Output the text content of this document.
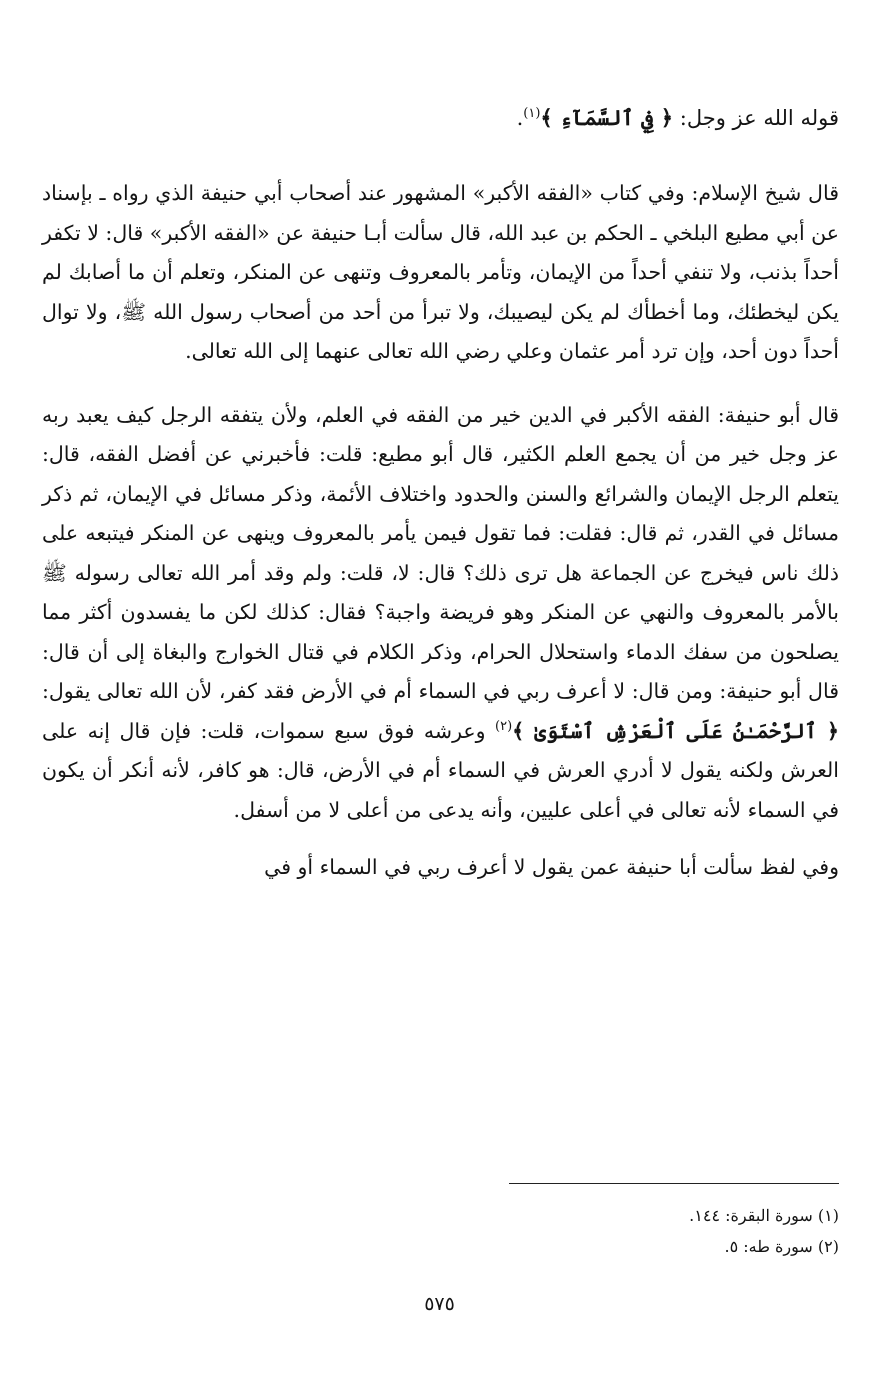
قوله الله عز وجل: ﴿ فِي ٱلسَّمَآءِ ﴾$^{(١)}$.

قال شيخ الإسلام: وفي كتاب «الفقه الأكبر» المشهور عند أصحاب أبي حنيفة الذي رواه ـ بإسناد عن أبي مطيع البلخي ـ الحكم بن عبد الله، قال سألت أبـا حنيفة عن «الفقه الأكبر» قال: لا تكفر أحداً بذنب، ولا تنفي أحداً من الإيمان، وتأمر بالمعروف وتنهى عن المنكر، وتعلم أن ما أصابك لم يكن ليخطئك، وما أخطأك لم يكن ليصيبك، ولا تبرأ من أحد من أصحاب رسول الله ﷺ، ولا توال أحداً دون أحد، وإن ترد أمر عثمان وعلي رضي الله تعالى عنهما إلى الله تعالى.

قال أبو حنيفة: الفقه الأكبر في الدين خير من الفقه في العلم، ولأن يتفقه الرجل كيف يعبد ربه عز وجل خير من أن يجمع العلم الكثير، قال أبو مطيع: قلت: فأخبرني عن أفضل الفقه، قال: يتعلم الرجل الإيمان والشرائع والسنن والحدود واختلاف الأئمة، وذكر مسائل في الإيمان، ثم ذكر مسائل في القدر، ثم قال: فقلت: فما تقول فيمن يأمر بالمعروف وينهى عن المنكر فيتبعه على ذلك ناس فيخرج عن الجماعة هل ترى ذلك؟ قال: لا، قلت: ولم وقد أمر الله تعالى رسوله ﷺ بالأمر بالمعروف والنهي عن المنكر وهو فريضة واجبة؟ فقال: كذلك لكن ما يفسدون أكثر مما يصلحون من سفك الدماء واستحلال الحرام، وذكر الكلام في قتال الخوارج والبغاة إلى أن قال: قال أبو حنيفة: ومن قال: لا أعرف ربي في السماء أم في الأرض فقد كفر، لأن الله تعالى يقول: ﴿ ٱلرَّحْمَـٰنُ عَلَى ٱلْعَرْشِ ٱسْتَوَىٰ ﴾$^{(٢)}$ وعرشه فوق سبع سموات، قلت: فإن قال إنه على العرش ولكنه يقول لا أدري العرش في السماء أم في الأرض، قال: هو كافر، لأنه أنكر أن يكون في السماء لأنه تعالى في أعلى عليين، وأنه يدعى من أعلى لا من أسفل.

وفي لفظ سألت أبا حنيفة عمن يقول لا أعرف ربي في السماء أو في

(١) سورة البقرة: ١٤٤.

(٢) سورة طه: ٥.

٥٧٥
